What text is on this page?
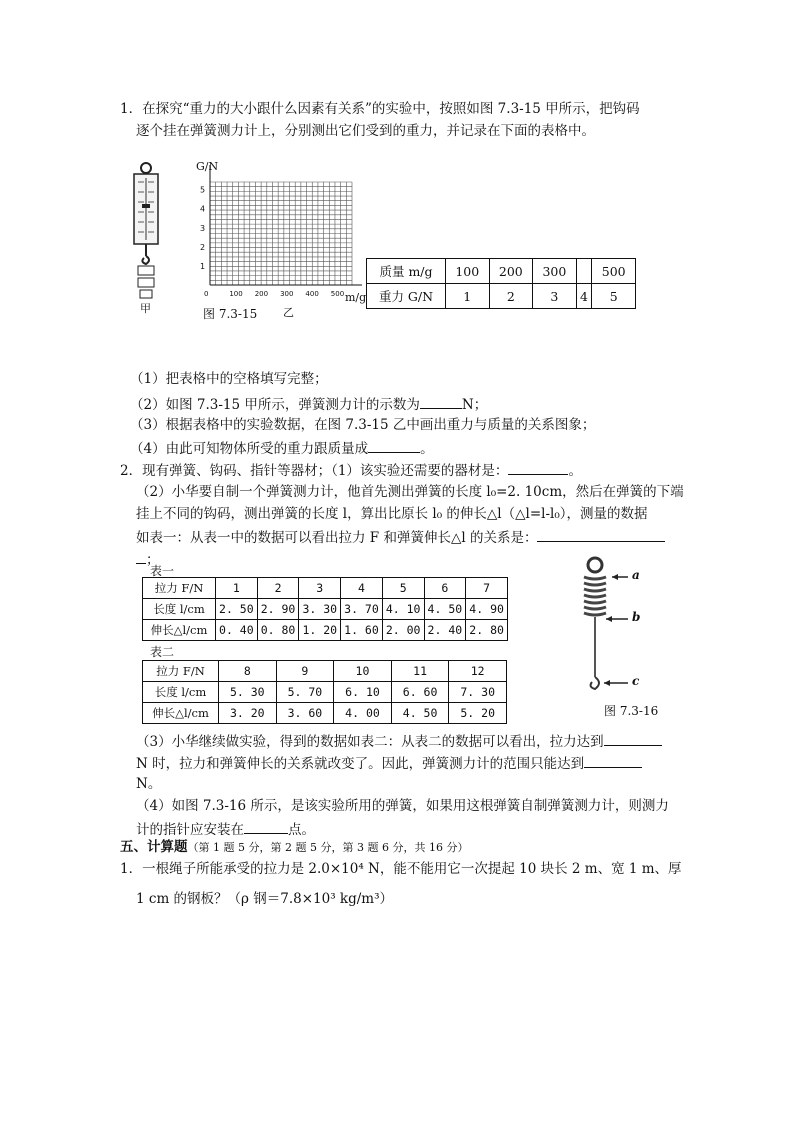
1．在探究“重力的大小跟什么因素有关系”的实验中，按照如图 7.3-15 甲所示，把钩码
逐个挂在弹簧测力计上，分别测出它们受到的重力，并记录在下面的表格中。
甲
1
2
3
4
5
0	100 200 300 400 500
G/N
m/g
图 7.3-15 乙
质量 m/g	100	200	300		500
重力 G/N	1	2	3	4	5
（1）把表格中的空格填写完整；
（2）如图 7.3-15 甲所示，弹簧测力计的示数为	N；
（3）根据表格中的实验数据，在图 7.3-15 乙中画出重力与质量的关系图象；
（4）由此可知物体所受的重力跟质量成	。
2．现有弹簧、钩码、指针等器材；（1）该实验还需要的器材是：	。
（2）小华要自制一个弹簧测力计，他首先测出弹簧的长度 l₀=2. 10cm，然后在弹簧的下端
挂上不同的钩码，测出弹簧的长度 l，算出比原长 l₀ 的伸长△l（△l=l-l₀），测量的数据
如表一：从表一中的数据可以看出拉力 F 和弹簧伸长△l 的关系是：
；
表一
拉力 F/N	1	2	3	4	5	6	7
长度 l/cm	2. 50	2. 90	3. 30	3. 70	4. 10	4. 50	4. 90
伸长△l/cm	0. 40	0. 80	1. 20	1. 60	2. 00	2. 40	2. 80
表二
拉力 F/N	8	9	10	11	12
长度 l/cm	5. 30	5. 70	6. 10	6. 60	7. 30
伸长△l/cm	3. 20	3. 60	4. 00	4. 50	5. 20
a
b
c
图 7.3-16
（3）小华继续做实验，得到的数据如表二：从表二的数据可以看出，拉力达到
N 时，拉力和弹簧伸长的关系就改变了。因此，弹簧测力计的范围只能达到
N。
（4）如图 7.3-16 所示，是该实验所用的弹簧，如果用这根弹簧自制弹簧测力计，则测力
计的指针应安装在	点。
五、计算题（第 1 题 5 分，第 2 题 5 分，第 3 题 6 分，共 16 分）
1．一根绳子所能承受的拉力是 2.0×10⁴ N，能不能用它一次提起 10 块长 2 m、宽 1 m、厚
1 cm 的钢板？（ρ 钢＝7.8×10³ kg/m³）
